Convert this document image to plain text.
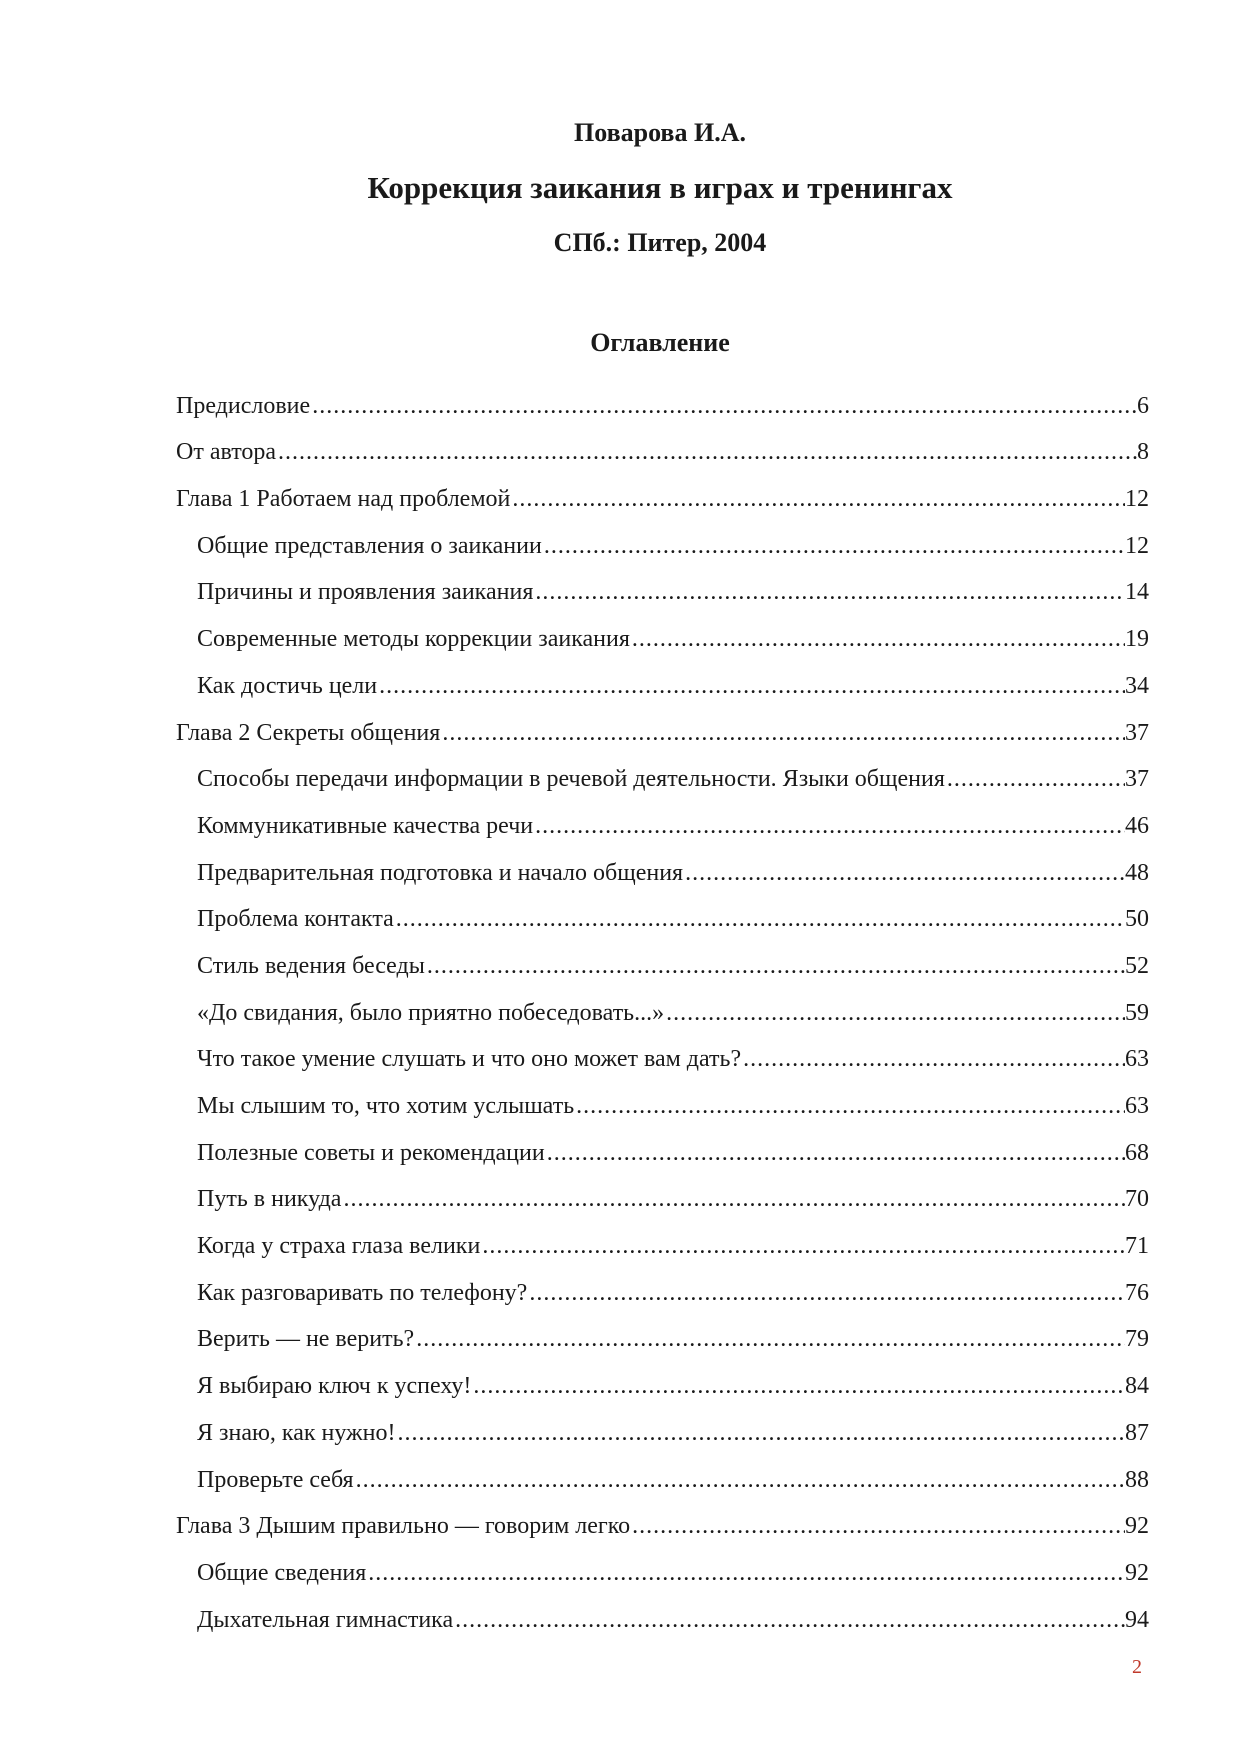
Поварова И.А.

Коррекция заикания в играх и тренингах

СПб.: Питер, 2004

Оглавление

Предисловие .....	6
От автора .....	8
Глава 1 Работаем над проблемой .....	12
Общие представления о заикании .....	12
Причины и проявления заикания .....	14
Современные методы коррекции заикания .....	19
Как достичь цели .....	34
Глава 2 Секреты общения .....	37
Способы передачи информации в речевой деятельности. Языки общения .....	37
Коммуникативные качества речи .....	46
Предварительная подготовка и начало общения .....	48
Проблема контакта .....	50
Стиль ведения беседы .....	52
«До свидания, было приятно побеседовать...» .....	59
Что такое умение слушать и что оно может вам дать? .....	63
Мы слышим то, что хотим услышать .....	63
Полезные советы и рекомендации .....	68
Путь в никуда .....	70
Когда у страха глаза велики .....	71
Как разговаривать по телефону? .....	76
Верить — не верить? .....	79
Я выбираю ключ к успеху! .....	84
Я знаю, как нужно! .....	87
Проверьте себя .....	88
Глава 3 Дышим правильно — говорим легко .....	92
Общие сведения .....	92
Дыхательная гимнастика .....	94

2
